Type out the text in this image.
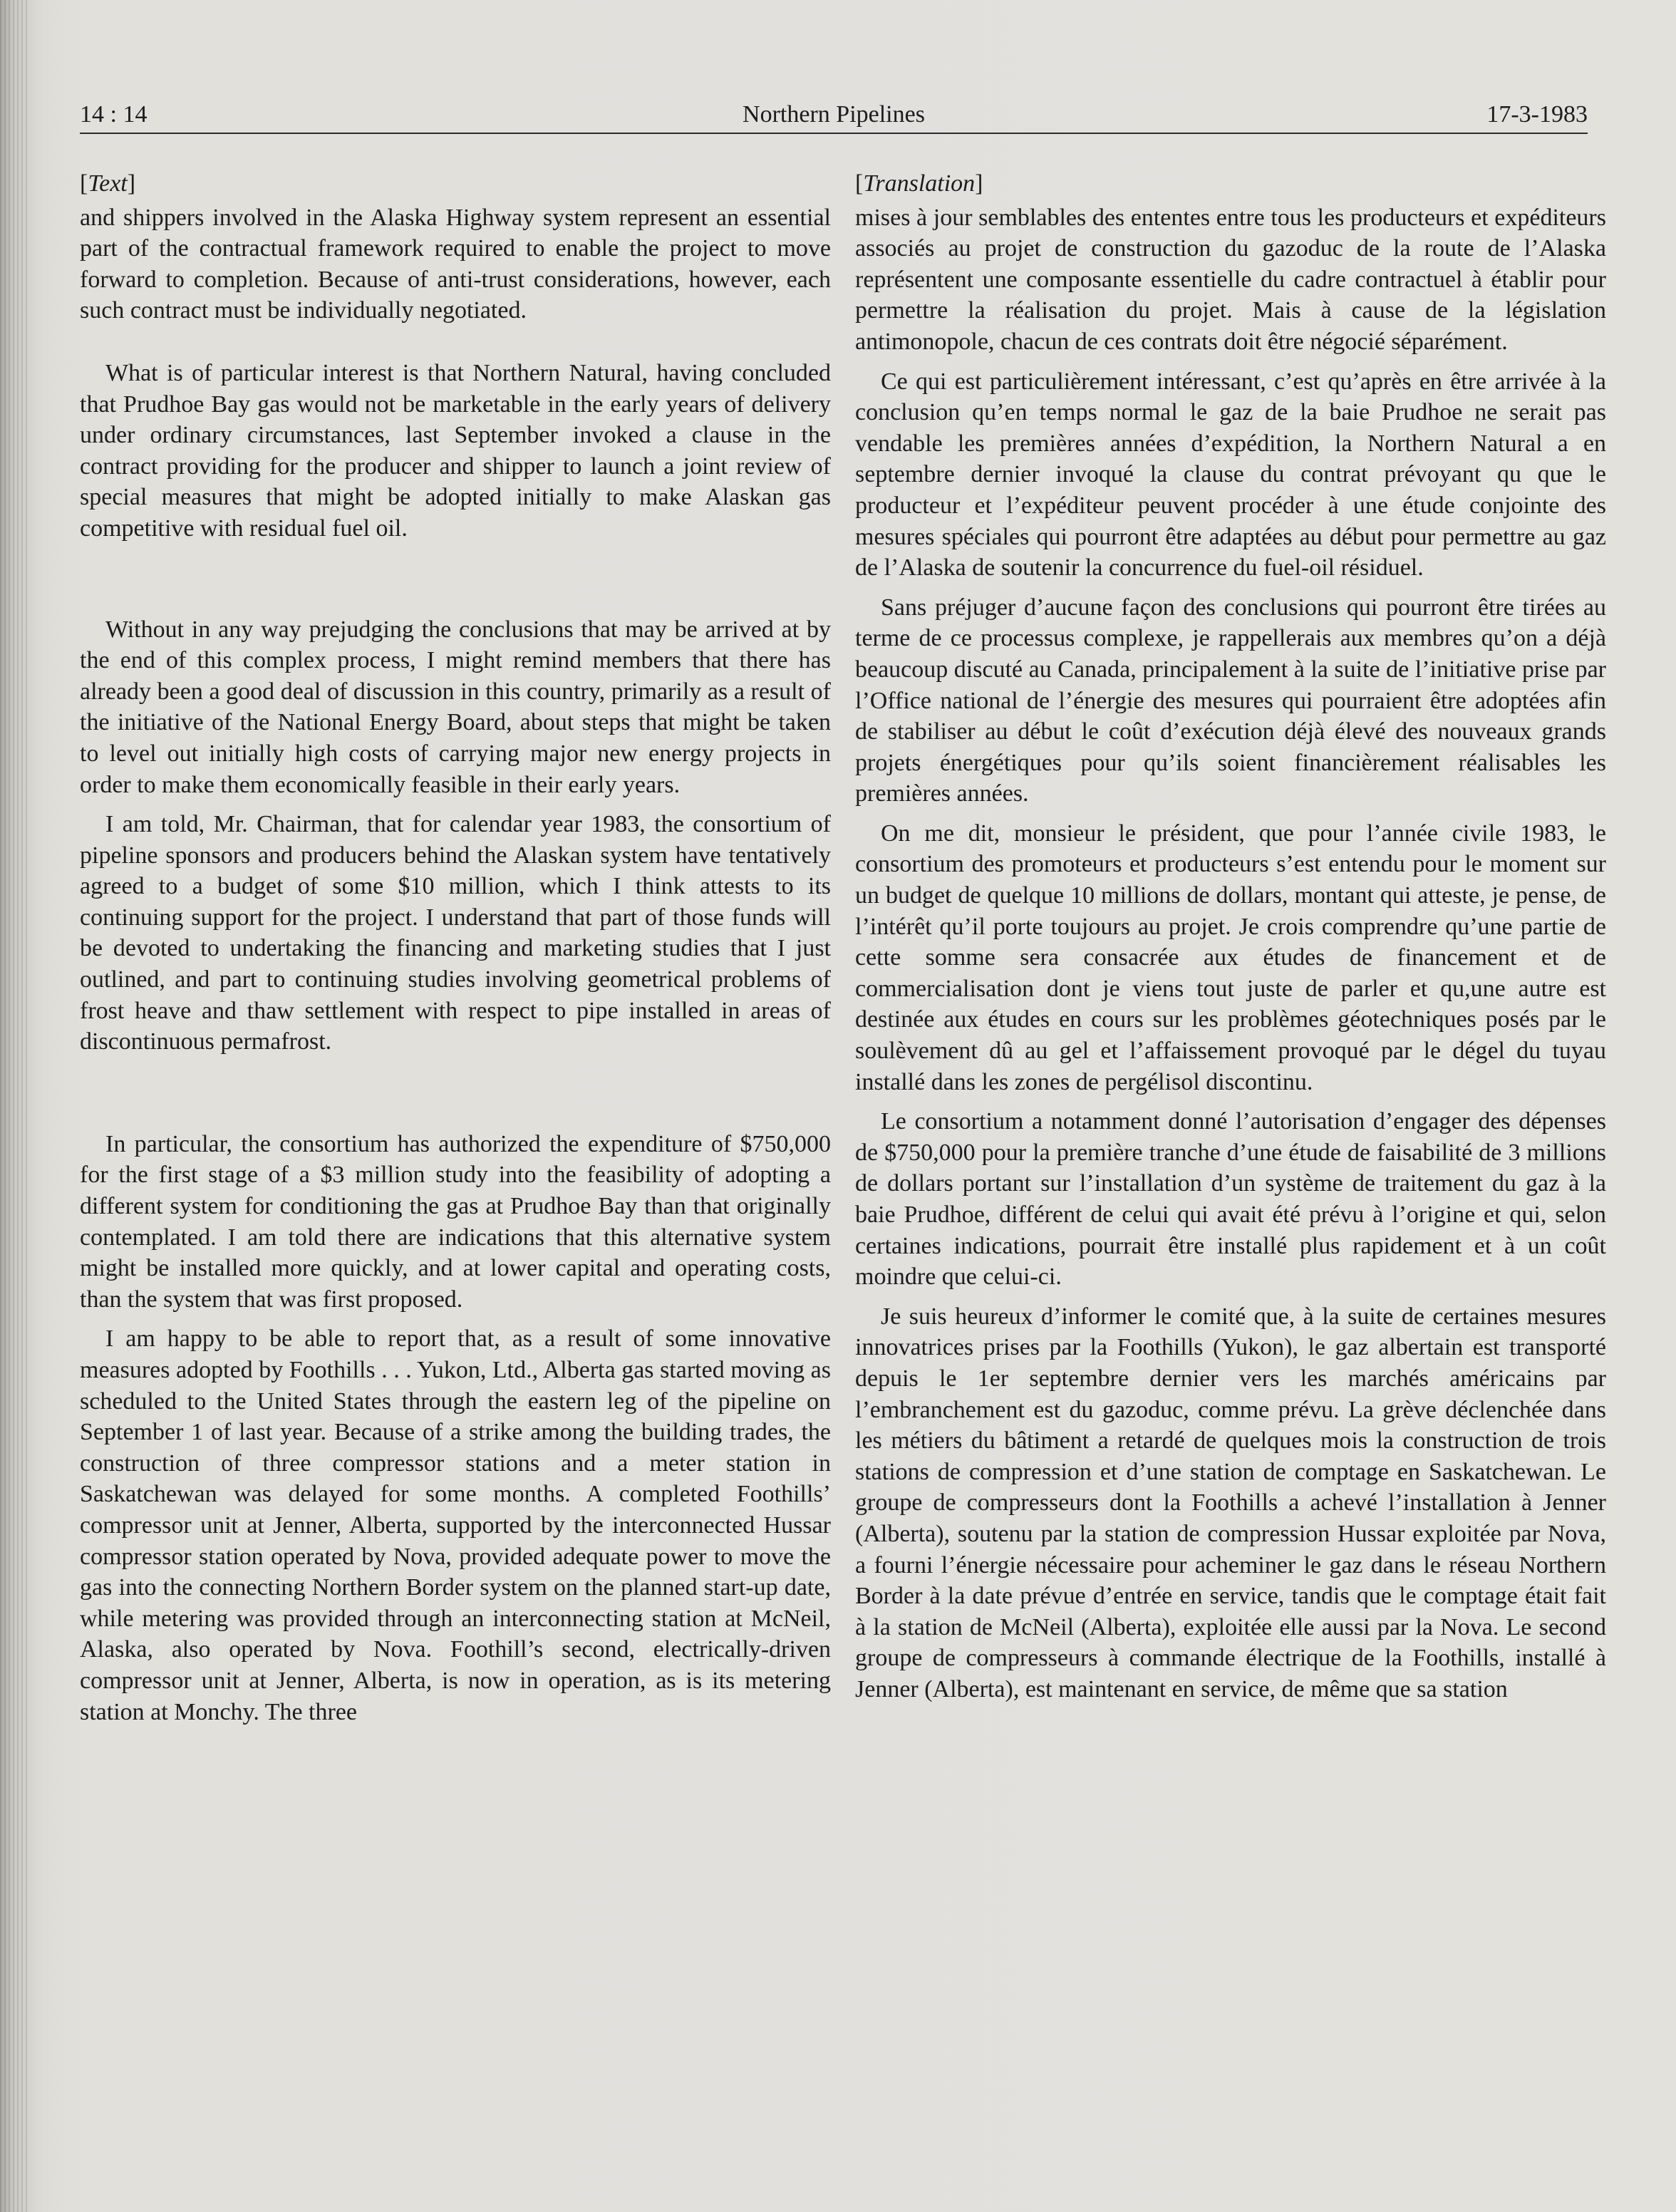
14 : 14	Northern Pipelines	17-3-1983
[Text]

and shippers involved in the Alaska Highway system represent an essential part of the contractual framework required to enable the project to move forward to completion. Because of anti-trust considerations, however, each such contract must be individually negotiated.

What is of particular interest is that Northern Natural, having concluded that Prudhoe Bay gas would not be marketable in the early years of delivery under ordinary circumstances, last September invoked a clause in the contract providing for the producer and shipper to launch a joint review of special measures that might be adopted initially to make Alaskan gas competitive with residual fuel oil.

Without in any way prejudging the conclusions that may be arrived at by the end of this complex process, I might remind members that there has already been a good deal of discussion in this country, primarily as a result of the initiative of the National Energy Board, about steps that might be taken to level out initially high costs of carrying major new energy projects in order to make them economically feasible in their early years.

I am told, Mr. Chairman, that for calendar year 1983, the consortium of pipeline sponsors and producers behind the Alaskan system have tentatively agreed to a budget of some $10 million, which I think attests to its continuing support for the project. I understand that part of those funds will be devoted to undertaking the financing and marketing studies that I just outlined, and part to continuing studies involving geometrical problems of frost heave and thaw settlement with respect to pipe installed in areas of discontinuous permafrost.

In particular, the consortium has authorized the expenditure of $750,000 for the first stage of a $3 million study into the feasibility of adopting a different system for conditioning the gas at Prudhoe Bay than that originally contemplated. I am told there are indications that this alternative system might be installed more quickly, and at lower capital and operating costs, than the system that was first proposed.

I am happy to be able to report that, as a result of some innovative measures adopted by Foothills . . . Yukon, Ltd., Alberta gas started moving as scheduled to the United States through the eastern leg of the pipeline on September 1 of last year. Because of a strike among the building trades, the construction of three compressor stations and a meter station in Saskatchewan was delayed for some months. A completed Foothills’ compressor unit at Jenner, Alberta, supported by the interconnected Hussar compressor station operated by Nova, provided adequate power to move the gas into the connecting Northern Border system on the planned start-up date, while metering was provided through an interconnecting station at McNeil, Alaska, also operated by Nova. Foothill’s second, electrically-driven compressor unit at Jenner, Alberta, is now in operation, as is its metering station at Monchy. The three

[Translation]

mises à jour semblables des ententes entre tous les producteurs et expéditeurs associés au projet de construction du gazoduc de la route de l’Alaska représentent une composante essentielle du cadre contractuel à établir pour permettre la réalisation du projet. Mais à cause de la législation antimonopole, chacun de ces contrats doit être négocié séparément.

Ce qui est particulièrement intéressant, c’est qu’après en être arrivée à la conclusion qu’en temps normal le gaz de la baie Prudhoe ne serait pas vendable les premières années d’expédition, la Northern Natural a en septembre dernier invoqué la clause du contrat prévoyant qu que le producteur et l’expéditeur peuvent procéder à une étude conjointe des mesures spéciales qui pourront être adaptées au début pour permettre au gaz de l’Alaska de soutenir la concurrence du fuel-oil résiduel.

Sans préjuger d’aucune façon des conclusions qui pourront être tirées au terme de ce processus complexe, je rappellerais aux membres qu’on a déjà beaucoup discuté au Canada, principalement à la suite de l’initiative prise par l’Office national de l’énergie des mesures qui pourraient être adoptées afin de stabiliser au début le coût d’exécution déjà élevé des nouveaux grands projets énergétiques pour qu’ils soient financièrement réalisables les premières années.

On me dit, monsieur le président, que pour l’année civile 1983, le consortium des promoteurs et producteurs s’est entendu pour le moment sur un budget de quelque 10 millions de dollars, montant qui atteste, je pense, de l’intérêt qu’il porte toujours au projet. Je crois comprendre qu’une partie de cette somme sera consacrée aux études de financement et de commercialisation dont je viens tout juste de parler et qu,une autre est destinée aux études en cours sur les problèmes géotechniques posés par le soulèvement dû au gel et l’affaissement provoqué par le dégel du tuyau installé dans les zones de pergélisol discontinu.

Le consortium a notamment donné l’autorisation d’engager des dépenses de $750,000 pour la première tranche d’une étude de faisabilité de 3 millions de dollars portant sur l’installation d’un système de traitement du gaz à la baie Prudhoe, différent de celui qui avait été prévu à l’origine et qui, selon certaines indications, pourrait être installé plus rapidement et à un coût moindre que celui-ci.

Je suis heureux d’informer le comité que, à la suite de certaines mesures innovatrices prises par la Foothills (Yukon), le gaz albertain est transporté depuis le 1er septembre dernier vers les marchés américains par l’embranchement est du gazoduc, comme prévu. La grève déclenchée dans les métiers du bâtiment a retardé de quelques mois la construction de trois stations de compression et d’une station de comptage en Saskatchewan. Le groupe de compresseurs dont la Foothills a achevé l’installation à Jenner (Alberta), soutenu par la station de compression Hussar exploitée par Nova, a fourni l’énergie nécessaire pour acheminer le gaz dans le réseau Northern Border à la date prévue d’entrée en service, tandis que le comptage était fait à la station de McNeil (Alberta), exploitée elle aussi par la Nova. Le second groupe de compresseurs à commande électrique de la Foothills, installé à Jenner (Alberta), est maintenant en service, de même que sa station
